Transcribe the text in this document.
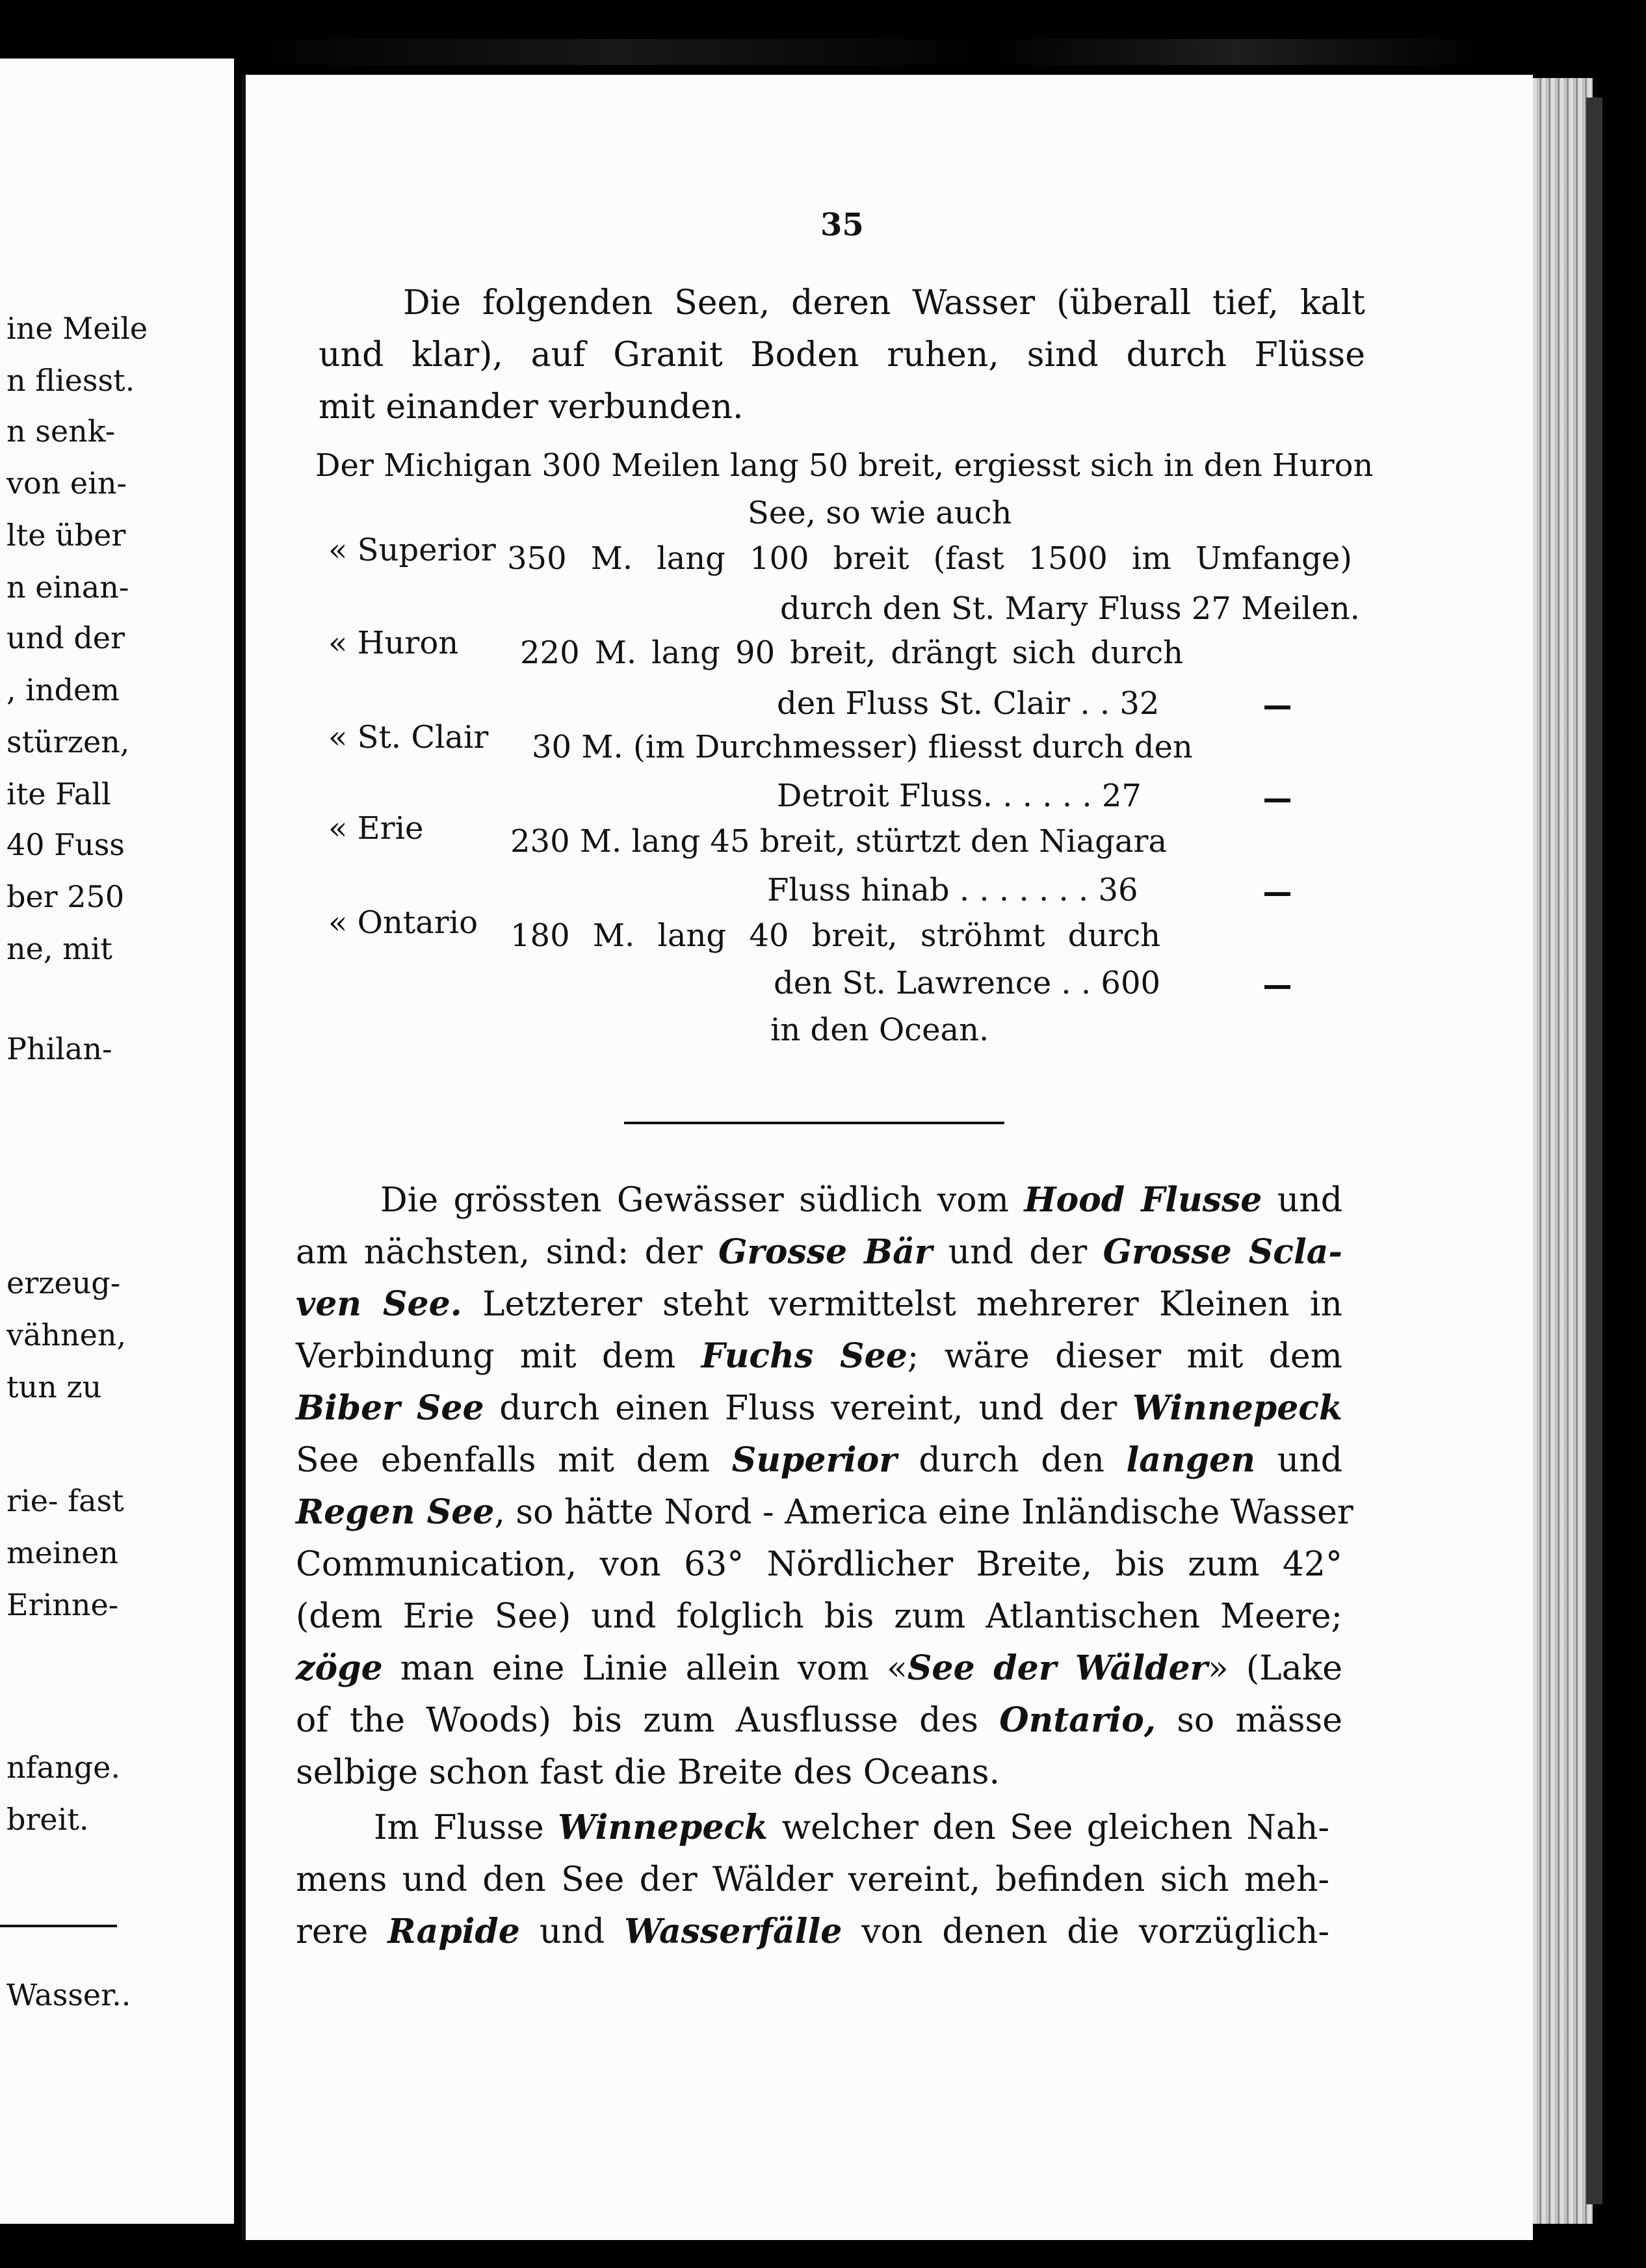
ine Meile
n fliesst.
n senk-
von ein-
lte über
n einan-
und der
, indem
stürzen,
ite Fall
40 Fuss
ber 250
ne, mit
Philan-
erzeug-
vähnen,
tun zu
rie- fast
meinen
Erinne-
nfange.
breit.
Wasser..
35
Die folgenden Seen, deren Wasser (überall tief, kalt
und klar), auf Granit Boden ruhen, sind durch Flüsse
mit einander verbunden.
Der Michigan 300 Meilen lang 50 breit, ergiesst sich in den Huron
See, so wie auch
« Superior 350 M. lang 100 breit (fast 1500 im Umfange)
durch den St. Mary Fluss 27 Meilen.
« Huron 220 M. lang 90 breit, drängt sich durch
den Fluss St. Clair . . 32
« St. Clair 30 M. (im Durchmesser) fliesst durch den
Detroit Fluss. . . . . . 27
« Erie	230 M. lang 45 breit, stürtzt den Niagara
Fluss hinab . . . . . . . 36
« Ontario 180 M. lang 40 breit, ströhmt durch
den St. Lawrence . . 600
in den Ocean.
Die grössten Gewässer südlich vom Hood Flusse und
am nächsten, sind: der Grosse Bär und der Grosse Scla-
ven See. Letzterer steht vermittelst mehrerer Kleinen in
Verbindung mit dem Fuchs See; wäre dieser mit dem
Biber See durch einen Fluss vereint, und der Winnepeck
See ebenfalls mit dem Superior durch den langen und
Regen See, so hätte Nord - America eine Inländische Wasser
Communication, von 63° Nördlicher Breite, bis zum 42°
(dem Erie See) und folglich bis zum Atlantischen Meere;
zöge man eine Linie allein vom «See der Wälder» (Lake
of the Woods) bis zum Ausflusse des Ontario, so mässe
selbige schon fast die Breite des Oceans.
Im Flusse Winnepeck welcher den See gleichen Nah-
mens und den See der Wälder vereint, befinden sich meh-
rere Rapide und Wasserfälle von denen die vorzüglich-
